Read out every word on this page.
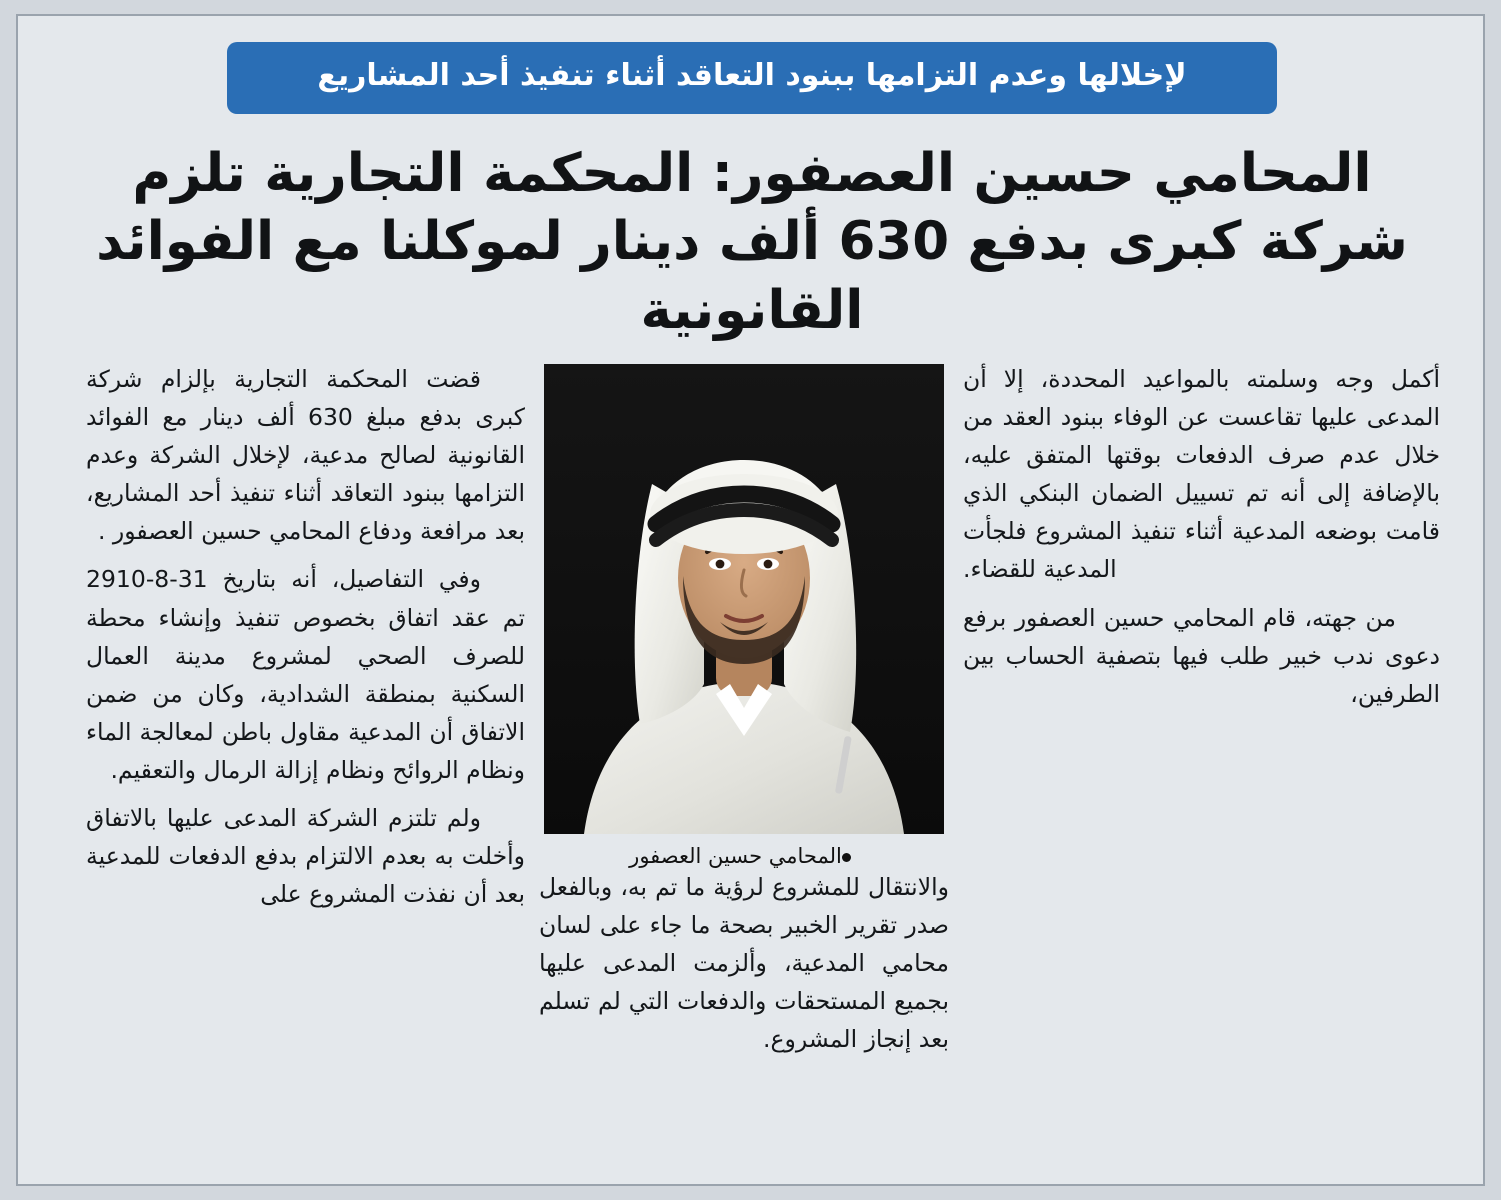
لإخلالها وعدم التزامها ببنود التعاقد أثناء تنفيذ أحد المشاريع
المحامي حسين العصفور: المحكمة التجارية تلزم شركة كبرى بدفع 630 ألف دينار لموكلنا مع الفوائد القانونية

أكمل وجه وسلمته بالمواعيد المحددة، إلا أن المدعى عليها تقاعست عن الوفاء ببنود العقد من خلال عدم صرف الدفعات بوقتها المتفق عليه، بالإضافة إلى أنه تم تسييل الضمان البنكي الذي قامت بوضعه المدعية أثناء تنفيذ المشروع فلجأت المدعية للقضاء.

من جهته، قام المحامي حسين العصفور برفع دعوى ندب خبير طلب فيها بتصفية الحساب بين الطرفين،

المحامي حسين العصفور

والانتقال للمشروع لرؤية ما تم به، وبالفعل صدر تقرير الخبير بصحة ما جاء على لسان محامي المدعية، وألزمت المدعى عليها بجميع المستحقات والدفعات التي لم تسلم بعد إنجاز المشروع.

قضت المحكمة التجارية بإلزام شركة كبرى بدفع مبلغ 630 ألف دينار مع الفوائد القانونية لصالح مدعية، لإخلال الشركة وعدم التزامها ببنود التعاقد أثناء تنفيذ أحد المشاريع، بعد مرافعة ودفاع المحامي حسين العصفور .

وفي التفاصيل، أنه بتاريخ 31-8-2910 تم عقد اتفاق بخصوص تنفيذ وإنشاء محطة للصرف الصحي لمشروع مدينة العمال السكنية بمنطقة الشدادية، وكان من ضمن الاتفاق أن المدعية مقاول باطن لمعالجة الماء ونظام الروائح ونظام إزالة الرمال والتعقيم.

ولم تلتزم الشركة المدعى عليها بالاتفاق وأخلت به بعدم الالتزام بدفع الدفعات للمدعية بعد أن نفذت المشروع على
